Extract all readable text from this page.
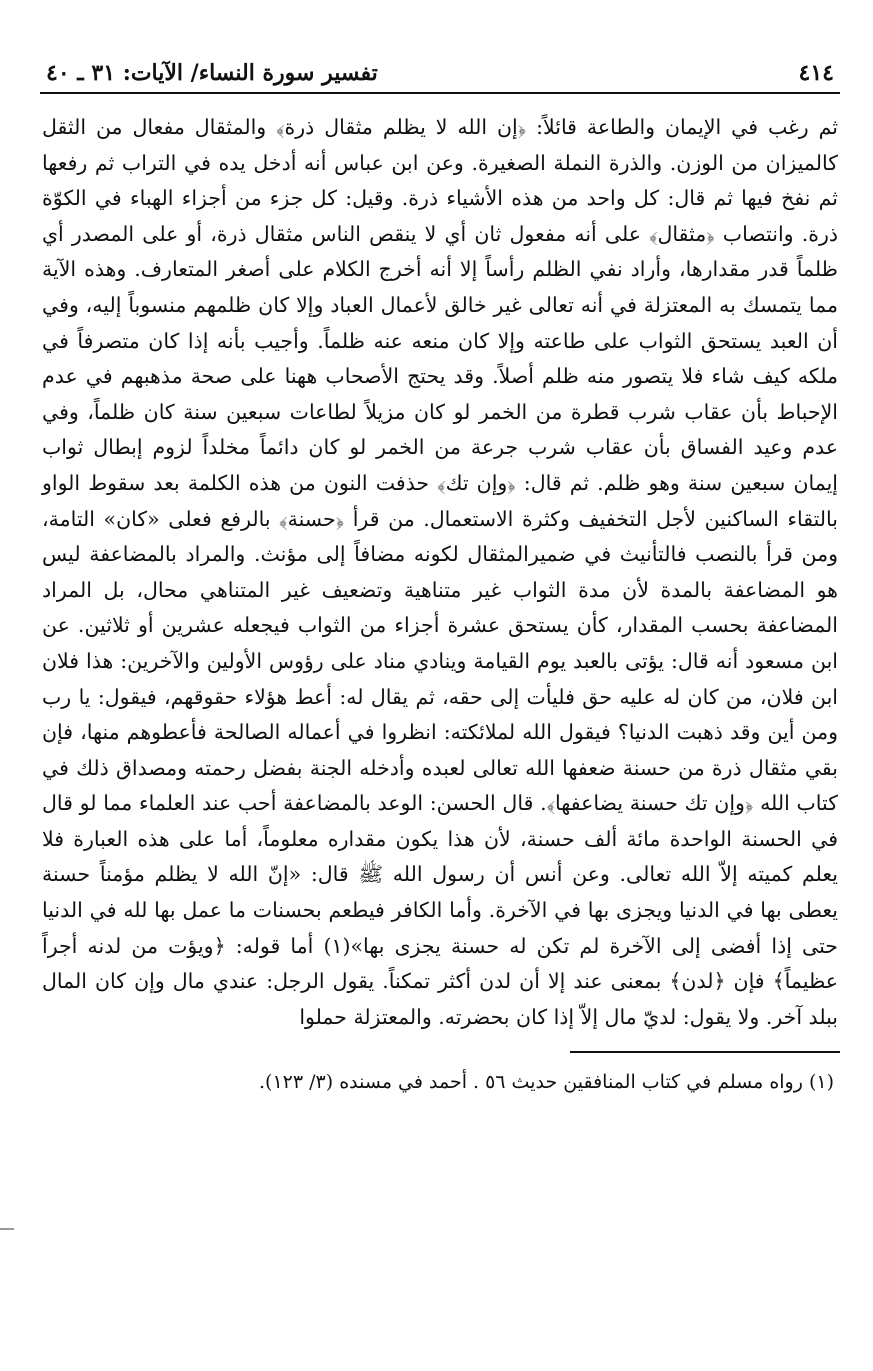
٤١٤
تفسير سورة النساء/ الآيات: ٣١ ـ ٤٠

ثم رغب في الإيمان والطاعة قائلاً: ﴿إن الله لا يظلم مثقال ذرة﴾ والمثقال مفعال من الثقل كالميزان من الوزن. والذرة النملة الصغيرة. وعن ابن عباس أنه أدخل يده في التراب ثم رفعها ثم نفخ فيها ثم قال: كل واحد من هذه الأشياء ذرة. وقيل: كل جزء من أجزاء الهباء في الكوّة ذرة. وانتصاب ﴿مثقال﴾ على أنه مفعول ثان أي لا ينقص الناس مثقال ذرة، أو على المصدر أي ظلماً قدر مقدارها، وأراد نفي الظلم رأساً إلا أنه أخرج الكلام على أصغر المتعارف. وهذه الآية مما يتمسك به المعتزلة في أنه تعالى غير خالق لأعمال العباد وإلا كان ظلمهم منسوباً إليه، وفي أن العبد يستحق الثواب على طاعته وإلا كان منعه عنه ظلماً. وأجيب بأنه إذا كان متصرفاً في ملكه كيف شاء فلا يتصور منه ظلم أصلاً. وقد يحتج الأصحاب ههنا على صحة مذهبهم في عدم الإحباط بأن عقاب شرب قطرة من الخمر لو كان مزيلاً لطاعات سبعين سنة كان ظلماً، وفي عدم وعيد الفساق بأن عقاب شرب جرعة من الخمر لو كان دائماً مخلداً لزوم إبطال ثواب إيمان سبعين سنة وهو ظلم. ثم قال: ﴿وإن تك﴾ حذفت النون من هذه الكلمة بعد سقوط الواو بالتقاء الساكنين لأجل التخفيف وكثرة الاستعمال. من قرأ ﴿حسنة﴾ بالرفع فعلى «كان» التامة، ومن قرأ بالنصب فالتأنيث في ضميرالمثقال لكونه مضافاً إلى مؤنث. والمراد بالمضاعفة ليس هو المضاعفة بالمدة لأن مدة الثواب غير متناهية وتضعيف غير المتناهي محال، بل المراد المضاعفة بحسب المقدار، كأن يستحق عشرة أجزاء من الثواب فيجعله عشرين أو ثلاثين. عن ابن مسعود أنه قال: يؤتى بالعبد يوم القيامة وينادي مناد على رؤوس الأولين والآخرين: هذا فلان ابن فلان، من كان له عليه حق فليأت إلى حقه، ثم يقال له: أعط هؤلاء حقوقهم، فيقول: يا رب ومن أين وقد ذهبت الدنيا؟ فيقول الله لملائكته: انظروا في أعماله الصالحة فأعطوهم منها، فإن بقي مثقال ذرة من حسنة ضعفها الله تعالى لعبده وأدخله الجنة بفضل رحمته ومصداق ذلك في كتاب الله ﴿وإن تك حسنة يضاعفها﴾. قال الحسن: الوعد بالمضاعفة أحب عند العلماء مما لو قال في الحسنة الواحدة مائة ألف حسنة، لأن هذا يكون مقداره معلوماً، أما على هذه العبارة فلا يعلم كميته إلاّ الله تعالى. وعن أنس أن رسول الله ﷺ قال: «إنّ الله لا يظلم مؤمناً حسنة يعطى بها في الدنيا ويجزى بها في الآخرة. وأما الكافر فيطعم بحسنات ما عمل بها لله في الدنيا حتى إذا أفضى إلى الآخرة لم تكن له حسنة يجزى بها»(١) أما قوله: ﴿ويؤت من لدنه أجراً عظيماً﴾ فإن ﴿لدن﴾ بمعنى عند إلا أن لدن أكثر تمكناً. يقول الرجل: عندي مال وإن كان المال ببلد آخر. ولا يقول: لديّ مال إلاّ إذا كان بحضرته. والمعتزلة حملوا

(١) رواه مسلم في كتاب المنافقين حديث ٥٦ . أحمد في مسنده (٣/ ١٢٣).
